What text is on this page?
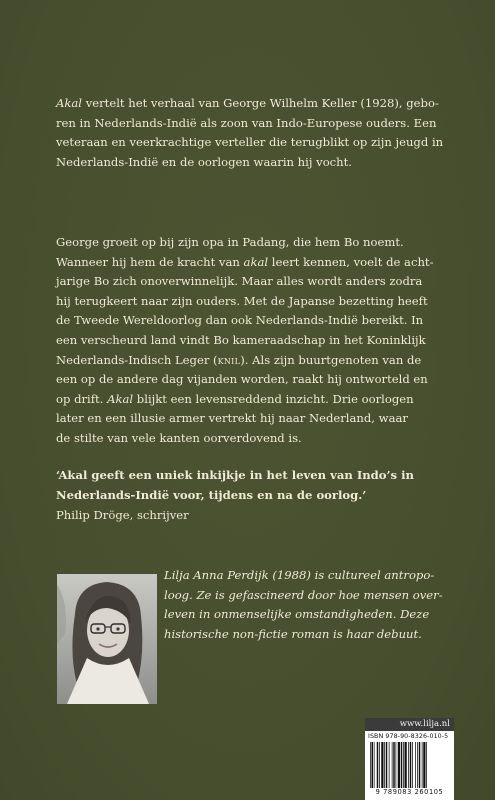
Akal vertelt het verhaal van George Wilhelm Keller (1928), gebo-
ren in Nederlands-Indië als zoon van Indo-Europese ouders. Een
veteraan en veerkrachtige verteller die terugblikt op zijn jeugd in
Nederlands-Indië en de oorlogen waarin hij vocht.

George groeit op bij zijn opa in Padang, die hem Bo noemt.
Wanneer hij hem de kracht van akal leert kennen, voelt de acht-
jarige Bo zich onoverwinnelijk. Maar alles wordt anders zodra
hij terugkeert naar zijn ouders. Met de Japanse bezetting heeft
de Tweede Wereldoorlog dan ook Nederlands-Indië bereikt. In
een verscheurd land vindt Bo kameraadschap in het Koninklijk
Nederlands-Indisch Leger (knil). Als zijn buurtgenoten van de
een op de andere dag vijanden worden, raakt hij ontworteld en
op drift. Akal blijkt een levensreddend inzicht. Drie oorlogen
later en een illusie armer vertrekt hij naar Nederland, waar
de stilte van vele kanten oorverdovend is.

‘Akal geeft een uniek inkijkje in het leven van Indo’s in
Nederlands-Indië voor, tijdens en na de oorlog.’

Philip Dröge, schrijver

Lilja Anna Perdijk (1988) is cultureel antropo-
loog. Ze is gefascineerd door hoe mensen over-
leven in onmenselijke omstandigheden. Deze
historische non-fictie roman is haar debuut.

www.lilja.nl
ISBN 978-90-8326-010-5
9 789083 260105
